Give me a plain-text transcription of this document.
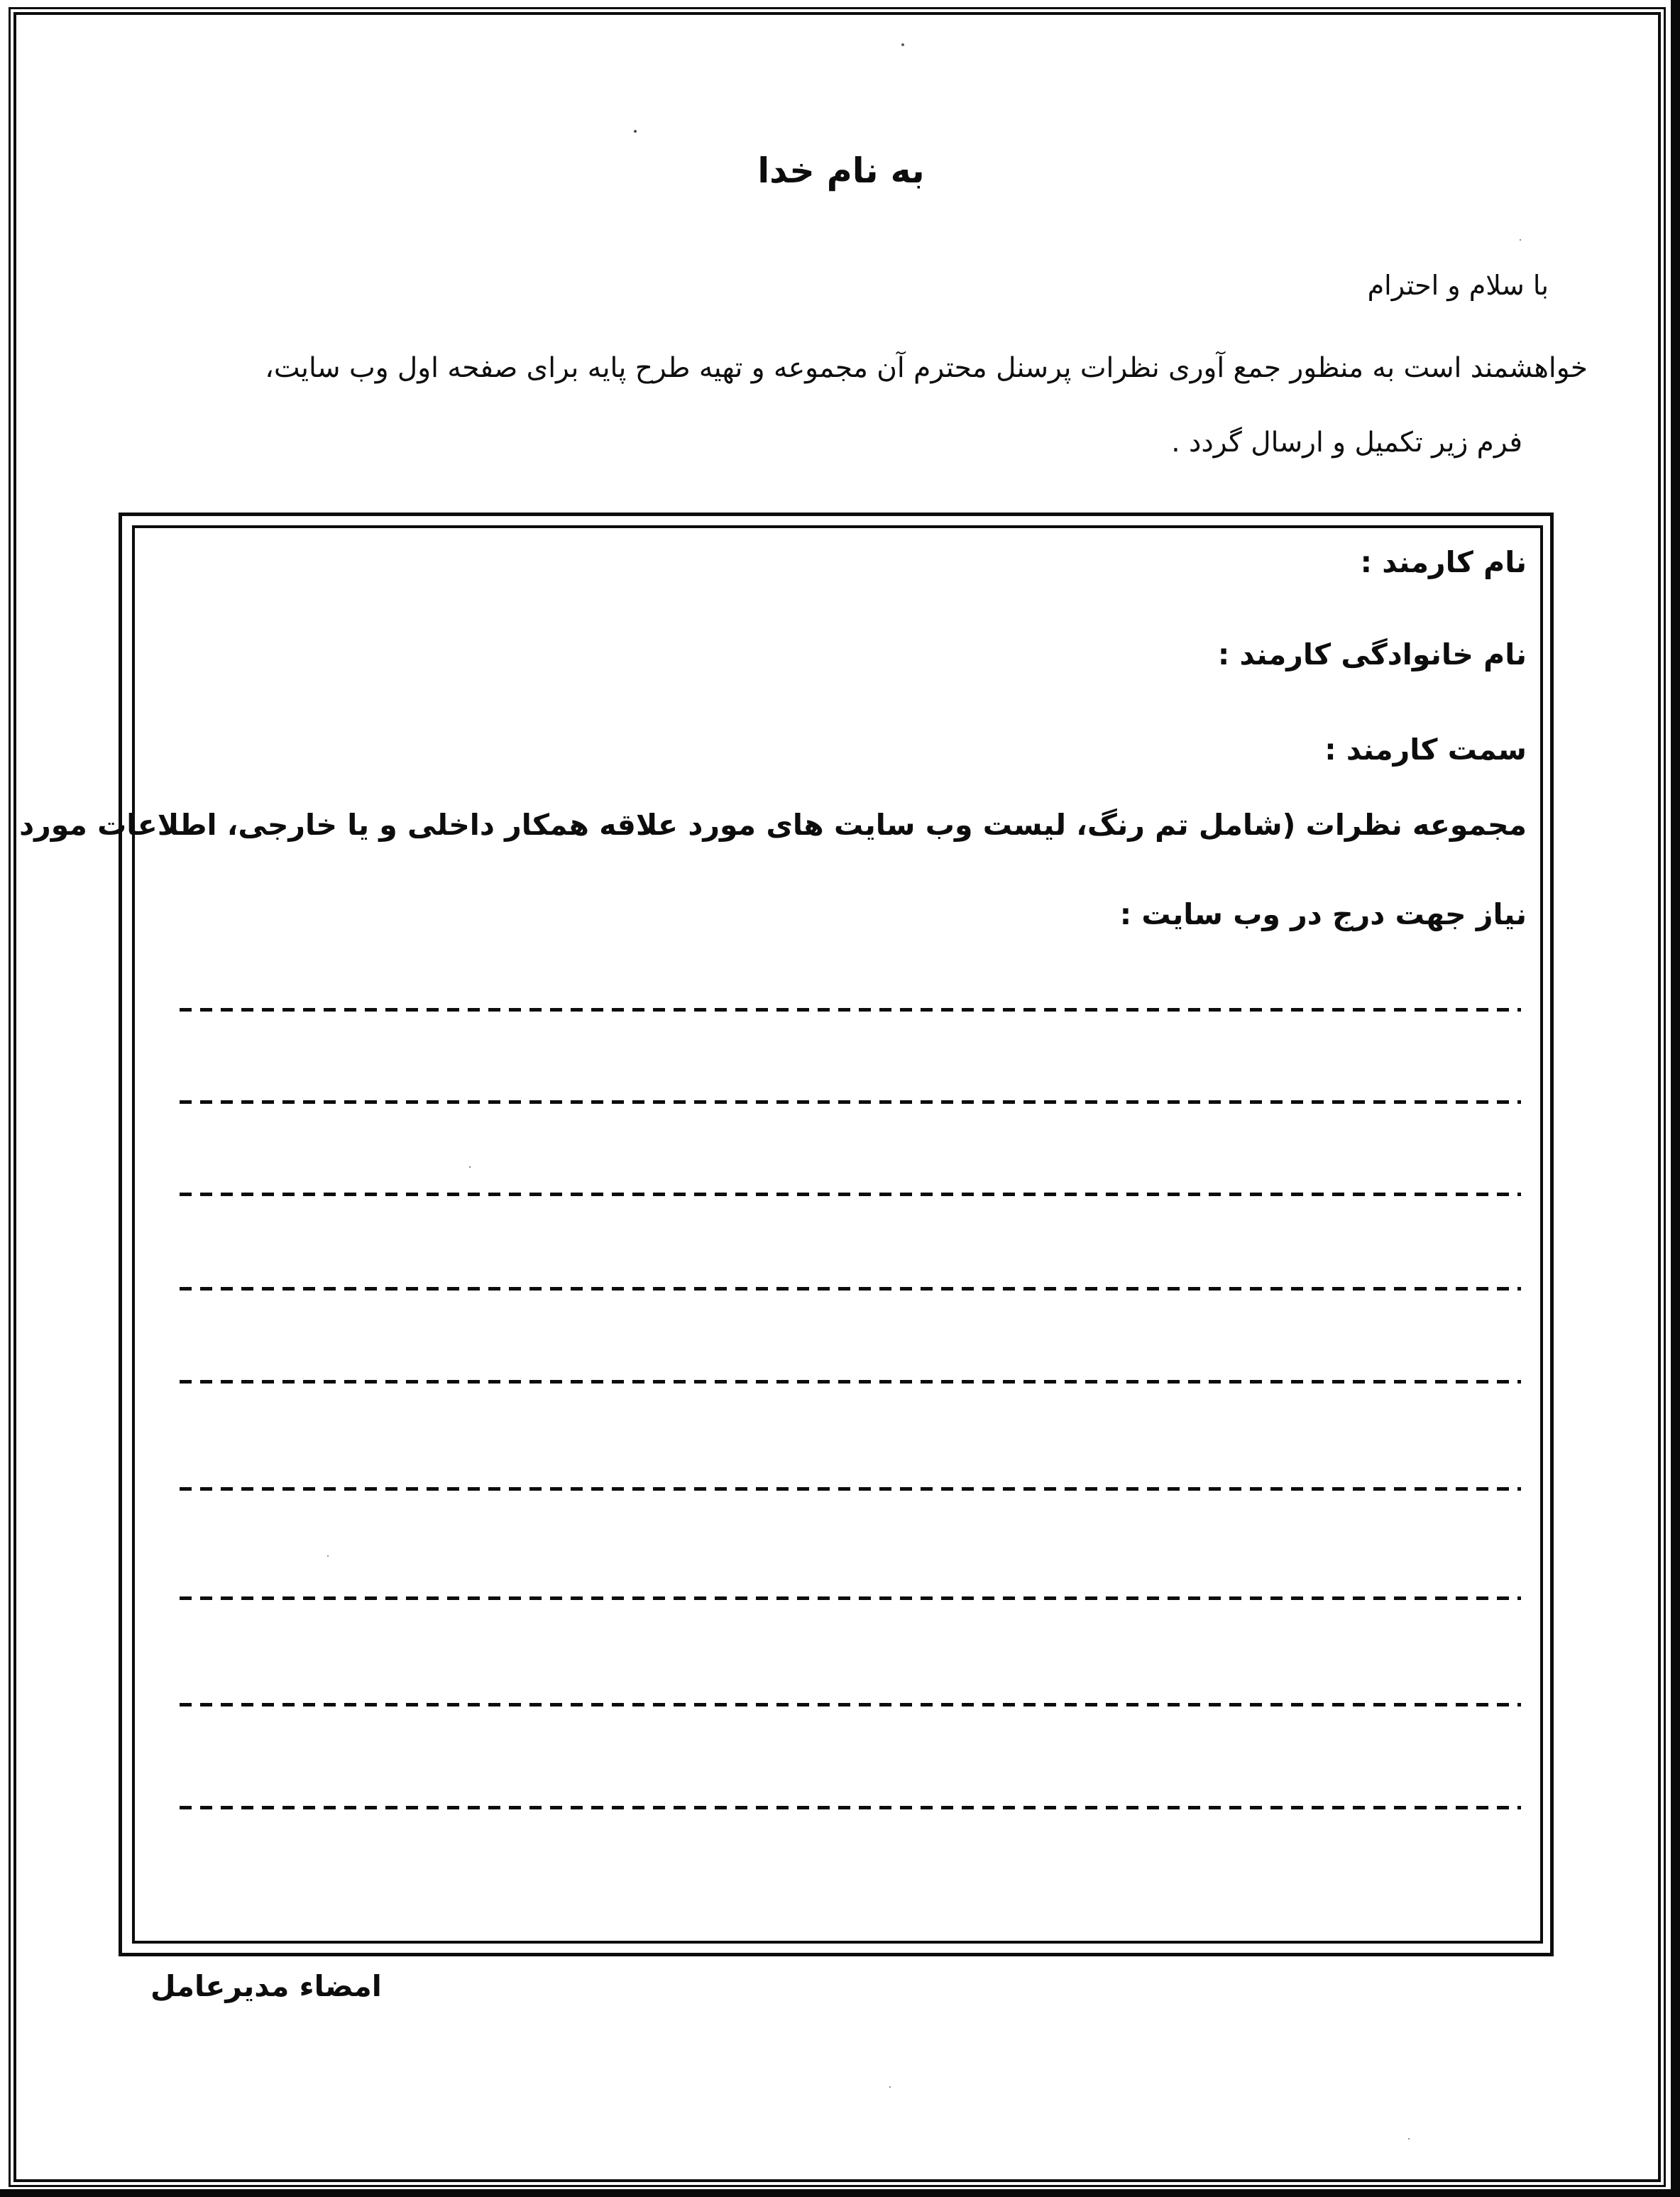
به نام خدا
با سلام و احترام
خواهشمند است به منظور جمع آوری نظرات پرسنل محترم آن مجموعه و تهیه طرح پایه برای صفحه اول وب سایت،
فرم زیر تکمیل و ارسال گردد .
نام کارمند :
نام خانوادگی کارمند :
سمت کارمند :
مجموعه نظرات (شامل تم رنگ، لیست وب سایت های مورد علاقه همکار داخلی و یا خارجی، اطلاعات مورد
نیاز جهت درج در وب سایت :
امضاء مدیرعامل
